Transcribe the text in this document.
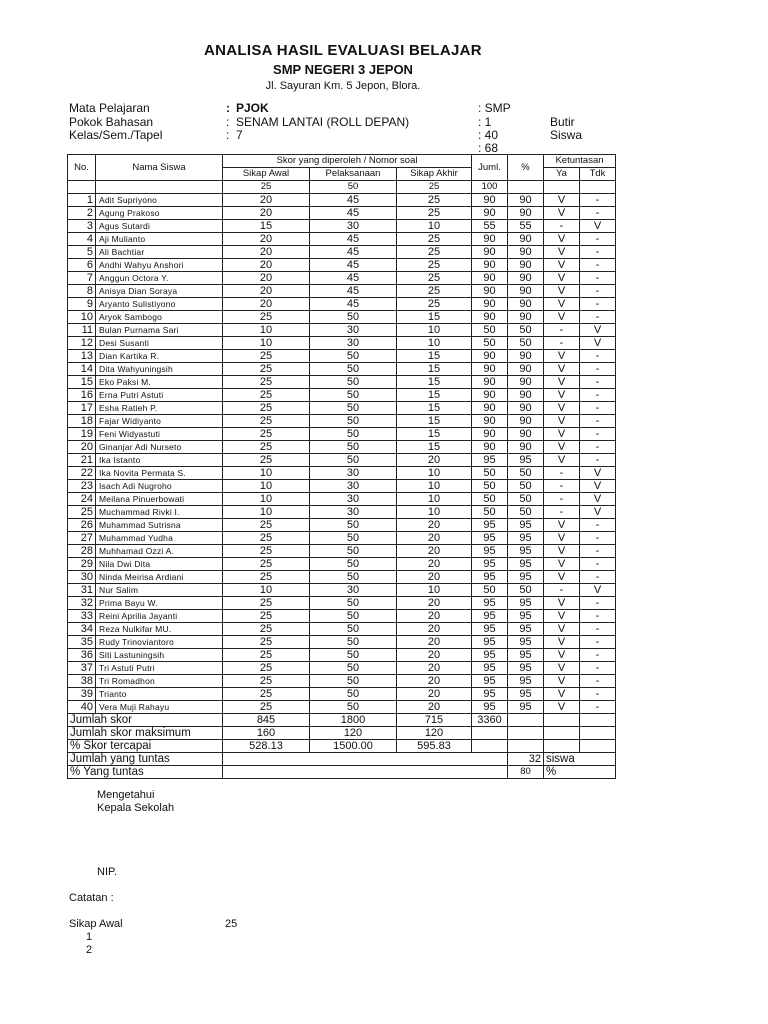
ANALISA HASIL EVALUASI BELAJAR
SMP NEGERI 3 JEPON
Jl. Sayuran Km. 5 Jepon, Blora.
Mata Pelajaran	: PJOK	: SMP
Pokok Bahasan	: SENAM LANTAI (ROLL DEPAN)	: 1	Butir
Kelas/Sem./Tapel	: 7	: 40	Siswa
: 68
No.	Nama Siswa	Skor yang diperoleh / Nomor soal			Juml.	%	Ketuntasan	
		Sikap Awal	Pelaksanaan	Sikap Akhir			Ya	Tdk
		25	50	25	100			
1	Adit Supriyono	20	45	25	90	90	V	-
2	Agung Prakoso	20	45	25	90	90	V	-
3	Agus Sutardi	15	30	10	55	55	-	V
4	Aji Mulianto	20	45	25	90	90	V	-
5	Ali Bachtiar	20	45	25	90	90	V	-
6	Andhi Wahyu Anshori	20	45	25	90	90	V	-
7	Anggun Octora Y.	20	45	25	90	90	V	-
8	Anisya Dian Soraya	20	45	25	90	90	V	-
9	Aryanto Sulistiyono	20	45	25	90	90	V	-
10	Aryok Sambogo	25	50	15	90	90	V	-
11	Bulan Purnama Sari	10	30	10	50	50	-	V
12	Desi Susanti	10	30	10	50	50	-	V
13	Dian Kartika R.	25	50	15	90	90	V	-
14	Dita Wahyuningsih	25	50	15	90	90	V	-
15	Eko Paksi M.	25	50	15	90	90	V	-
16	Erna Putri Astuti	25	50	15	90	90	V	-
17	Esha Ratieh P.	25	50	15	90	90	V	-
18	Fajar Widiyanto	25	50	15	90	90	V	-
19	Feni Widyastuti	25	50	15	90	90	V	-
20	Ginanjar Adi Nurseto	25	50	15	90	90	V	-
21	Ika Istanto	25	50	20	95	95	V	-
22	Ika Novita Permata S.	10	30	10	50	50	-	V
23	Isach Adi Nugroho	10	30	10	50	50	-	V
24	Meilana Pinuerbowati	10	30	10	50	50	-	V
25	Muchammad Rivki I.	10	30	10	50	50	-	V
26	Muhammad Sutrisna	25	50	20	95	95	V	-
27	Muhammad Yudha	25	50	20	95	95	V	-
28	Muhhamad Ozzi A.	25	50	20	95	95	V	-
29	Nila Dwi Dita	25	50	20	95	95	V	-
30	Ninda Meirisa Ardiani	25	50	20	95	95	V	-
31	Nur Salim	10	30	10	50	50	-	V
32	Prima Bayu W.	25	50	20	95	95	V	-
33	Reini Aprilia Jayanti	25	50	20	95	95	V	-
34	Reza Nulkifar MU.	25	50	20	95	95	V	-
35	Rudy Trinoviantoro	25	50	20	95	95	V	-
36	Siti Lastuningsih	25	50	20	95	95	V	-
37	Tri Astuti Putri	25	50	20	95	95	V	-
38	Tri Romadhon	25	50	20	95	95	V	-
39	Trianto	25	50	20	95	95	V	-
40	Vera Muji Rahayu	25	50	20	95	95	V	-
Jumlah skor		845	1800	715	3360			
Jumlah skor maksimum		160	120	120				
% Skor tercapai		528.13	1500.00	595.83				
Jumlah yang tuntas						32	siswa	
% Yang tuntas						80	%	
Mengetahui
Kepala Sekolah
NIP.
Catatan :
Sikap Awal	25
1
2
